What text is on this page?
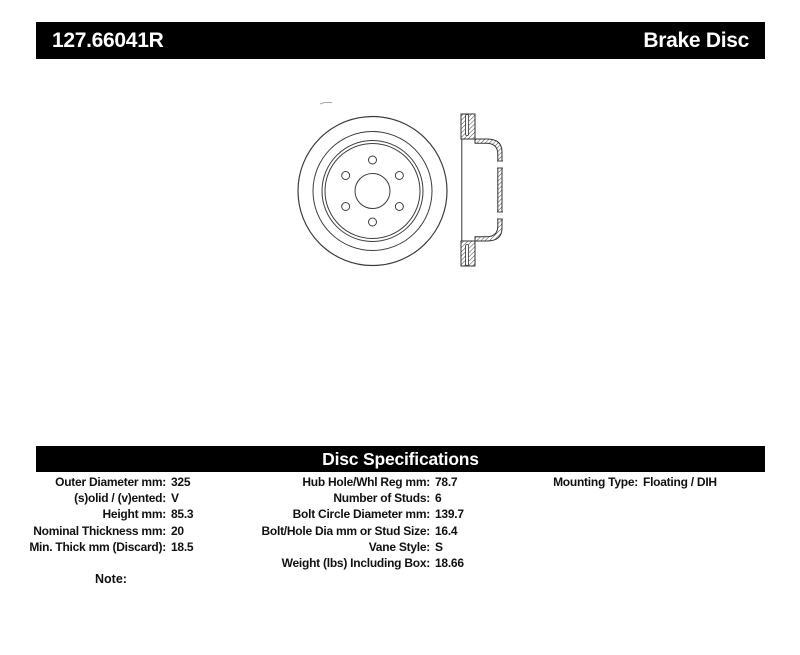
127.66041R	Brake Disc
Disc Specifications
Outer Diameter mm: 325
(s)olid / (v)ented: V
Height mm: 85.3
Nominal Thickness mm: 20
Min. Thick mm (Discard): 18.5
Hub Hole/Whl Reg mm: 78.7
Number of Studs: 6
Bolt Circle Diameter mm: 139.7
Bolt/Hole Dia mm or Stud Size: 16.4
Vane Style: S
Weight (lbs) Including Box: 18.66
Mounting Type: Floating / DIH
Note:
